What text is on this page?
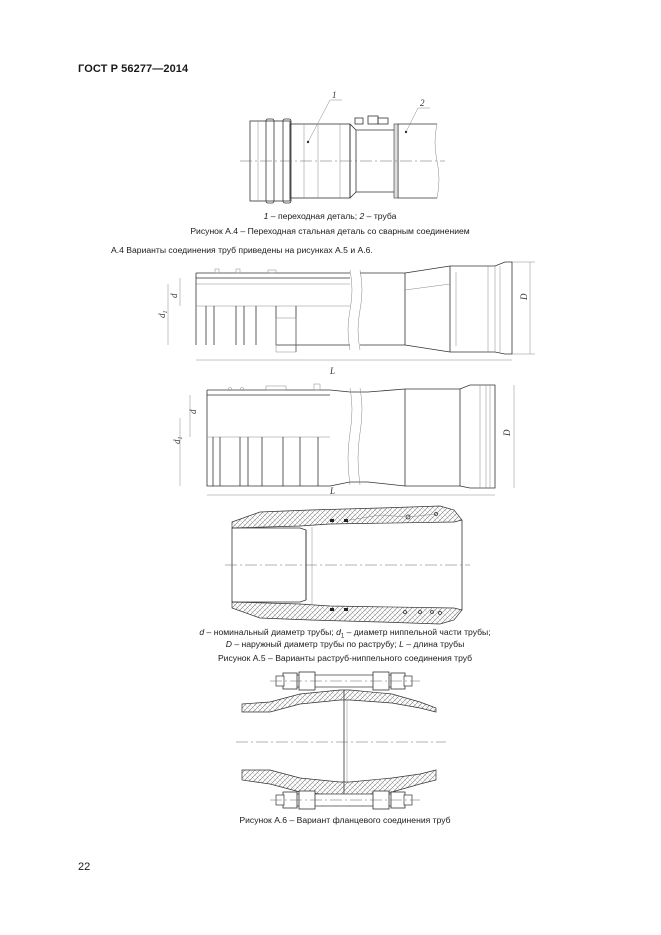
ГОСТ Р 56277—2014
1
2
d
$d_1$
D
L
d
$d_1$
D
L
1 – переходная деталь; 2 – труба
Рисунок А.4 – Переходная стальная деталь со сварным соединением
А.4 Варианты соединения труб приведены на рисунках А.5 и А.6.
d – номинальный диаметр трубы; $d_1$ – диаметр ниппельной части трубы;
D – наружный диаметр трубы по раструбу; L – длина трубы
Рисунок А.5 – Варианты раструб-ниппельного соединения труб
Рисунок А.6 – Вариант фланцевого соединения труб
22
